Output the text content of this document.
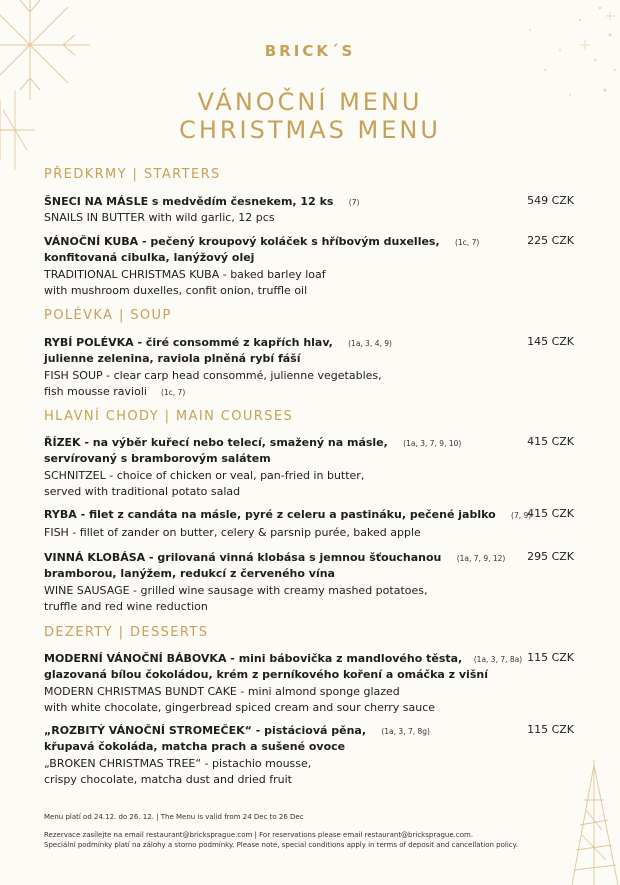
BRICK´S
VÁNOČNÍ MENU
CHRISTMAS MENU
PŘEDKRMY | STARTERS
POLÉVKA | SOUP
HLAVNÍ CHODY | MAIN COURSES
DEZERTY | DESSERTS
ŠNECI NA MÁSLE s medvědím česnekem, 12 ks (7)
SNAILS IN BUTTER with wild garlic, 12 pcs
549 CZK
VÁNOČNÍ KUBA - pečený kroupový koláček s hříbovým duxelles, (1c, 7)
konfitovaná cibulka, lanýžový olej
TRADITIONAL CHRISTMAS KUBA - baked barley loaf
with mushroom duxelles, confit onion, truffle oil
225 CZK
RYBÍ POLÉVKA - čiré consommé z kapřích hlav, (1a, 3, 4, 9)
julienne zelenina, raviola plněná rybí fáší
FISH SOUP - clear carp head consommé, julienne vegetables,
fish mousse ravioli (1c, 7)
145 CZK
ŘÍZEK - na výběr kuřecí nebo telecí, smažený na másle, (1a, 3, 7, 9, 10)
servírovaný s bramborovým salátem
SCHNITZEL - choice of chicken or veal, pan-fried in butter,
served with traditional potato salad
415 CZK
RYBA - filet z candáta na másle, pyré z celeru a pastináku, pečené jablko (7, 9)
FISH - fillet of zander on butter, celery & parsnip purée, baked apple
415 CZK
VINNÁ KLOBÁSA - grilovaná vinná klobása s jemnou šťouchanou (1a, 7, 9, 12)
bramborou, lanýžem, redukcí z červeného vína
WINE SAUSAGE - grilled wine sausage with creamy mashed potatoes,
truffle and red wine reduction
295 CZK
MODERNÍ VÁNOČNÍ BÁBOVKA - mini bábovička z mandlového těsta, (1a, 3, 7, 8a)
glazovaná bílou čokoládou, krém z perníkového koření a omáčka z višní
MODERN CHRISTMAS BUNDT CAKE - mini almond sponge glazed
with white chocolate, gingerbread spiced cream and sour cherry sauce
115 CZK
„ROZBITÝ VÁNOČNÍ STROMEČEK“ - pistáciová pěna, (1a, 3, 7, 8g)
křupavá čokoláda, matcha prach a sušené ovoce
„BROKEN CHRISTMAS TREE“ - pistachio mousse,
crispy chocolate, matcha dust and dried fruit
115 CZK
Menu platí od 24.12. do 26. 12. | The Menu is valid from 24 Dec to 26 Dec
Rezervace zasílejte na email restaurant@bricksprague.com | For reservations please email restaurant@bricksprague.com.
Speciální podmínky platí na zálohy a storno podmínky. Please note, special conditions apply in terms of deposit and cancellation policy.
